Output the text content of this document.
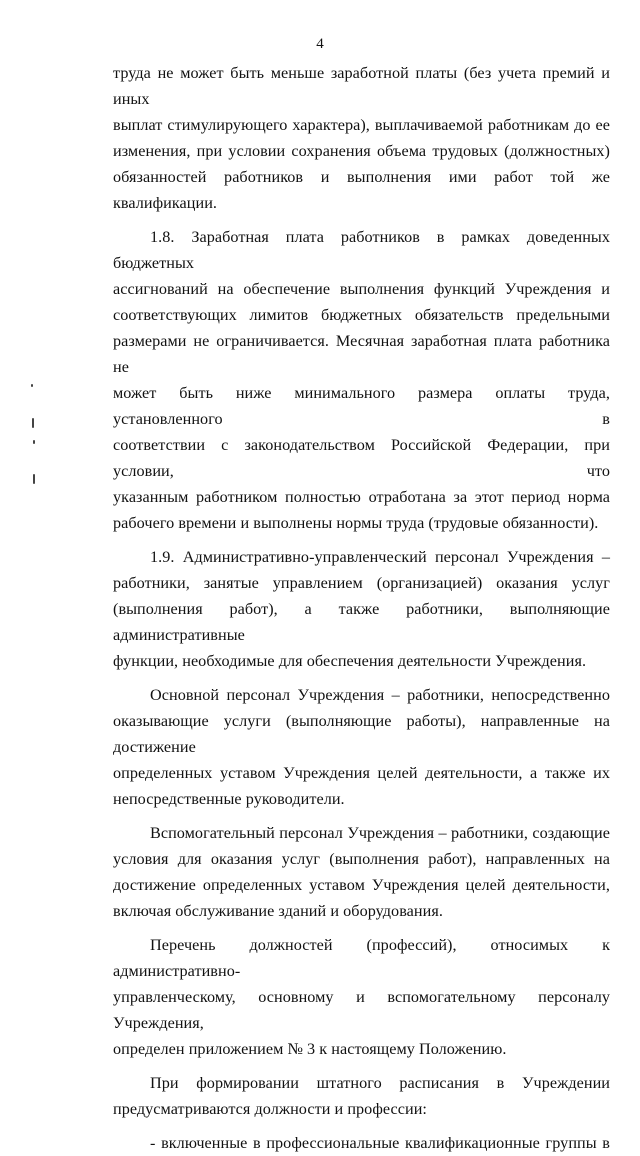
4

труда не может быть меньше заработной платы (без учета премий и иных

выплат стимулирующего характера), выплачиваемой работникам до ее

изменения, при условии сохранения объема трудовых (должностных)

обязанностей работников и выполнения ими работ той же квалификации.

1.8. Заработная плата работников в рамках доведенных бюджетных

ассигнований на обеспечение выполнения функций Учреждения и

соответствующих лимитов бюджетных обязательств предельными

размерами не ограничивается. Месячная заработная плата работника не

может быть ниже минимального размера оплаты труда, установленного в

соответствии с законодательством Российской Федерации, при условии, что

указанным работником полностью отработана за этот период норма

рабочего времени и выполнены нормы труда (трудовые обязанности).

1.9. Административно-управленческий персонал Учреждения –

работники, занятые управлением (организацией) оказания услуг

(выполнения работ), а также работники, выполняющие административные

функции, необходимые для обеспечения деятельности Учреждения.

Основной персонал Учреждения – работники, непосредственно

оказывающие услуги (выполняющие работы), направленные на достижение

определенных уставом Учреждения целей деятельности, а также их

непосредственные руководители.

Вспомогательный персонал Учреждения – работники, создающие

условия для оказания услуг (выполнения работ), направленных на

достижение определенных уставом Учреждения целей деятельности,

включая обслуживание зданий и оборудования.

Перечень должностей (профессий), относимых к административно-

управленческому, основному и вспомогательному персоналу Учреждения,

определен приложением № 3 к настоящему Положению.

При формировании штатного расписания в Учреждении

предусматриваются должности и профессии:

- включенные в профессиональные квалификационные группы в
